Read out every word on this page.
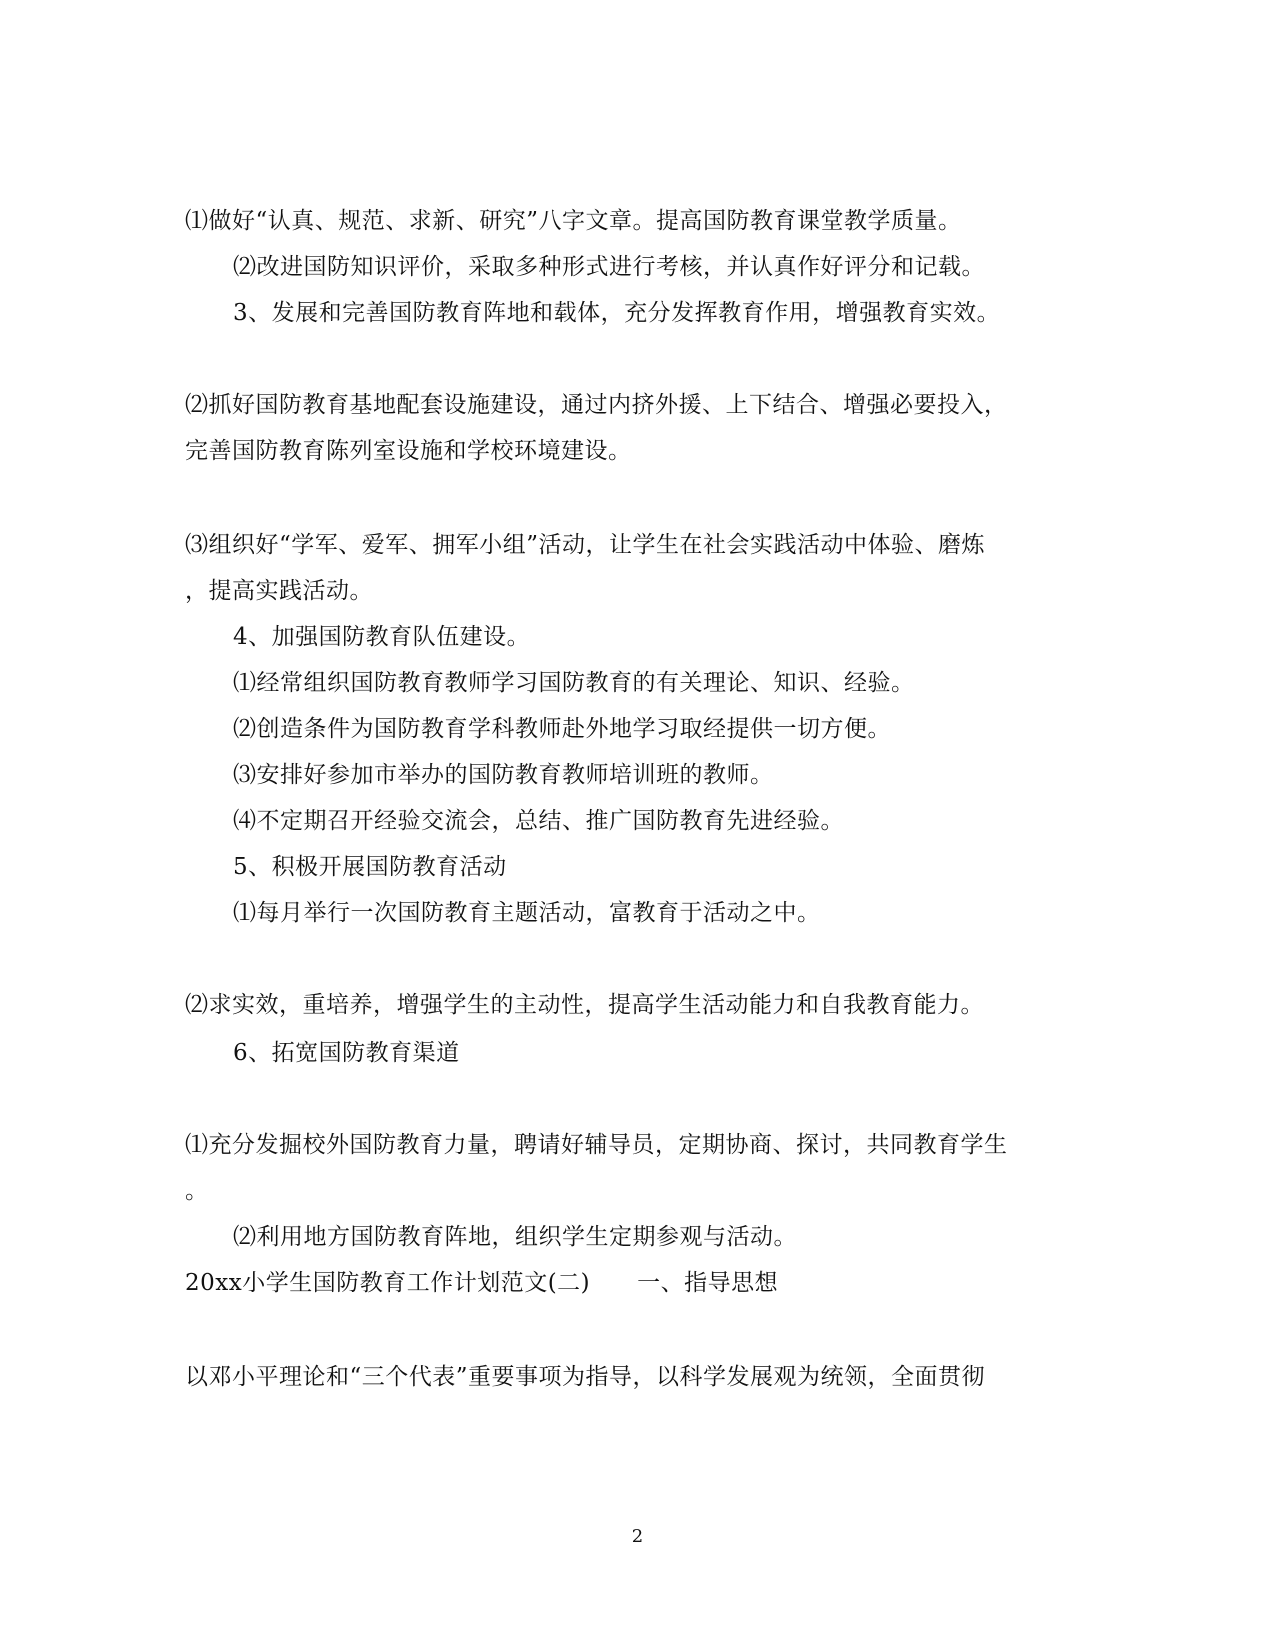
⑴做好“认真、规范、求新、研究”八字文章。提高国防教育课堂教学质量。
⑵改进国防知识评价，采取多种形式进行考核，并认真作好评分和记载。
3、发展和完善国防教育阵地和载体，充分发挥教育作用，增强教育实效。
⑵抓好国防教育基地配套设施建设，通过内挤外援、上下结合、增强必要投入，
完善国防教育陈列室设施和学校环境建设。
⑶组织好“学军、爱军、拥军小组”活动，让学生在社会实践活动中体验、磨炼
，提高实践活动。
4、加强国防教育队伍建设。
⑴经常组织国防教育教师学习国防教育的有关理论、知识、经验。
⑵创造条件为国防教育学科教师赴外地学习取经提供一切方便。
⑶安排好参加市举办的国防教育教师培训班的教师。
⑷不定期召开经验交流会，总结、推广国防教育先进经验。
5、积极开展国防教育活动
⑴每月举行一次国防教育主题活动，富教育于活动之中。
⑵求实效，重培养，增强学生的主动性，提高学生活动能力和自我教育能力。
6、拓宽国防教育渠道
⑴充分发掘校外国防教育力量，聘请好辅导员，定期协商、探讨，共同教育学生
。
⑵利用地方国防教育阵地，组织学生定期参观与活动。
20xx小学生国防教育工作计划范文(二)　　一、指导思想
以邓小平理论和“三个代表”重要事项为指导，以科学发展观为统领，全面贯彻
2
